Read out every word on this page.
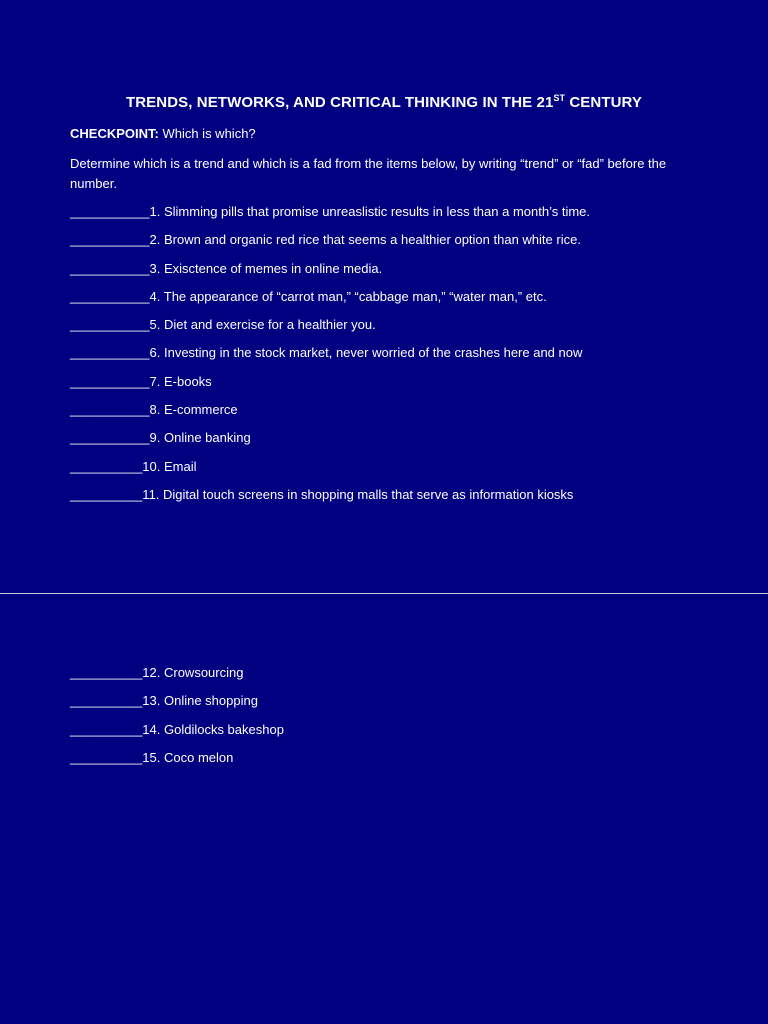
TRENDS, NETWORKS, AND CRITICAL THINKING IN THE 21ST CENTURY
CHECKPOINT: Which is which?
Determine which is a trend and which is a fad from the items below, by writing “trend” or “fad” before the number.
___________1. Slimming pills that promise unreaslistic results in less than a month’s time.
___________2. Brown and organic red rice that seems a healthier option than white rice.
___________3. Exisctence of memes in online media.
___________4. The appearance of “carrot man,” “cabbage man,” “water man,” etc.
___________5. Diet and exercise for a healthier you.
___________6. Investing in the stock market, never worried of the crashes here and now
___________7. E-books
___________8. E-commerce
___________9. Online banking
__________10. Email
__________11. Digital touch screens in shopping malls that serve as information kiosks
__________12. Crowsourcing
__________13. Online shopping
__________14. Goldilocks bakeshop
__________15. Coco melon
